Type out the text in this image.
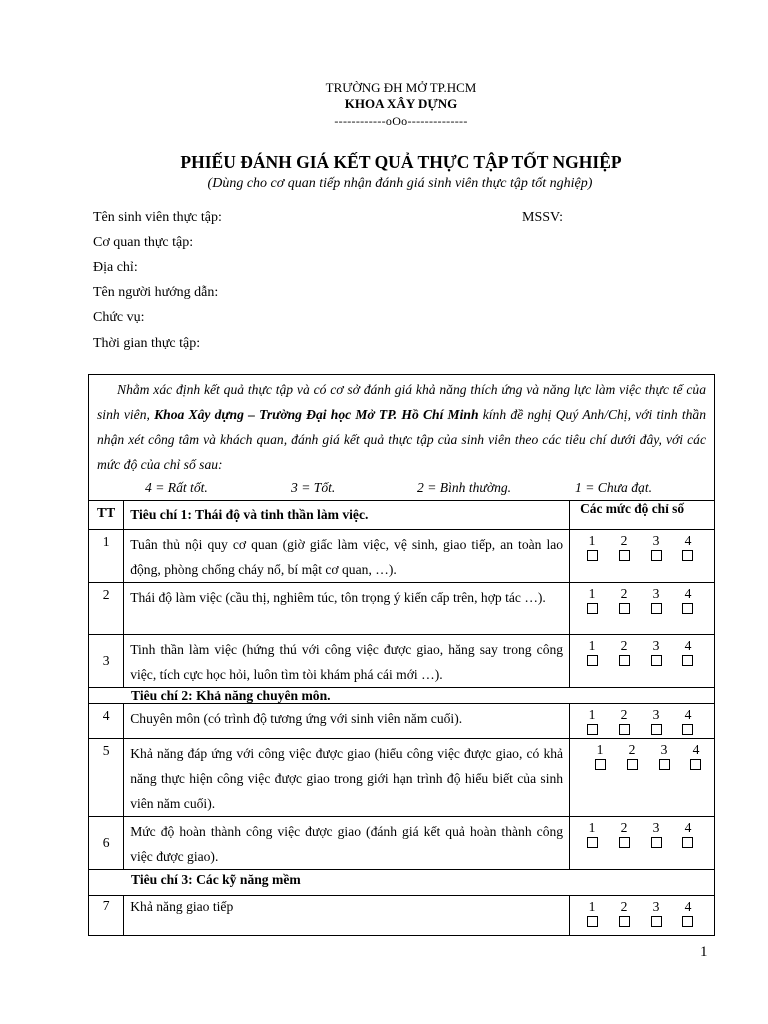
TRƯỜNG ĐH MỞ TP.HCM
KHOA XÂY DỰNG
------------oOo--------------
PHIẾU ĐÁNH GIÁ KẾT QUẢ THỰC TẬP TỐT NGHIỆP
(Dùng cho cơ quan tiếp nhận đánh giá sinh viên thực tập tốt nghiệp)
Tên sinh viên thực tập:	MSSV:
Cơ quan thực tập:
Địa chỉ:
Tên người hướng dẫn:
Chức vụ:
Thời gian thực tập:

Nhằm xác định kết quả thực tập và có cơ sở đánh giá khả năng thích ứng và năng lực làm việc thực tế của sinh viên, Khoa Xây dựng – Trường Đại học Mở TP. Hồ Chí Minh kính đề nghị Quý Anh/Chị, với tinh thần nhận xét công tâm và khách quan, đánh giá kết quả thực tập của sinh viên theo các tiêu chí dưới đây, với các mức độ của chỉ số sau:

4 = Rất tốt.	3 = Tốt.	2 = Bình thường.	1 = Chưa đạt.
TT	Tiêu chí 1: Thái độ và tinh thần làm việc.	Các mức độ chỉ số
1	Tuân thủ nội quy cơ quan (giờ giấc làm việc, vệ sinh, giao tiếp, an toàn lao động, phòng chống cháy nổ, bí mật cơ quan, …).	1 2 3 4

2	Thái độ làm việc (cầu thị, nghiêm túc, tôn trọng ý kiến cấp trên, hợp tác …).	1 2 3 4

3	Tinh thần làm việc (hứng thú với công việc được giao, hăng say trong công việc, tích cực học hỏi, luôn tìm tòi khám phá cái mới …).	1 2 3 4

Tiêu chí 2: Khả năng chuyên môn.		
4	Chuyên môn (có trình độ tương ứng với sinh viên năm cuối).	1 2 3 4

5	Khả năng đáp ứng với công việc được giao (hiểu công việc được giao, có khả năng thực hiện công việc được giao trong giới hạn trình độ hiểu biết của sinh viên năm cuối).	1 2 3 4

6	Mức độ hoàn thành công việc được giao (đánh giá kết quả hoàn thành công việc được giao).	1 2 3 4

Tiêu chí 3: Các kỹ năng mềm		
7	Khả năng giao tiếp	1 2 3 4
1
